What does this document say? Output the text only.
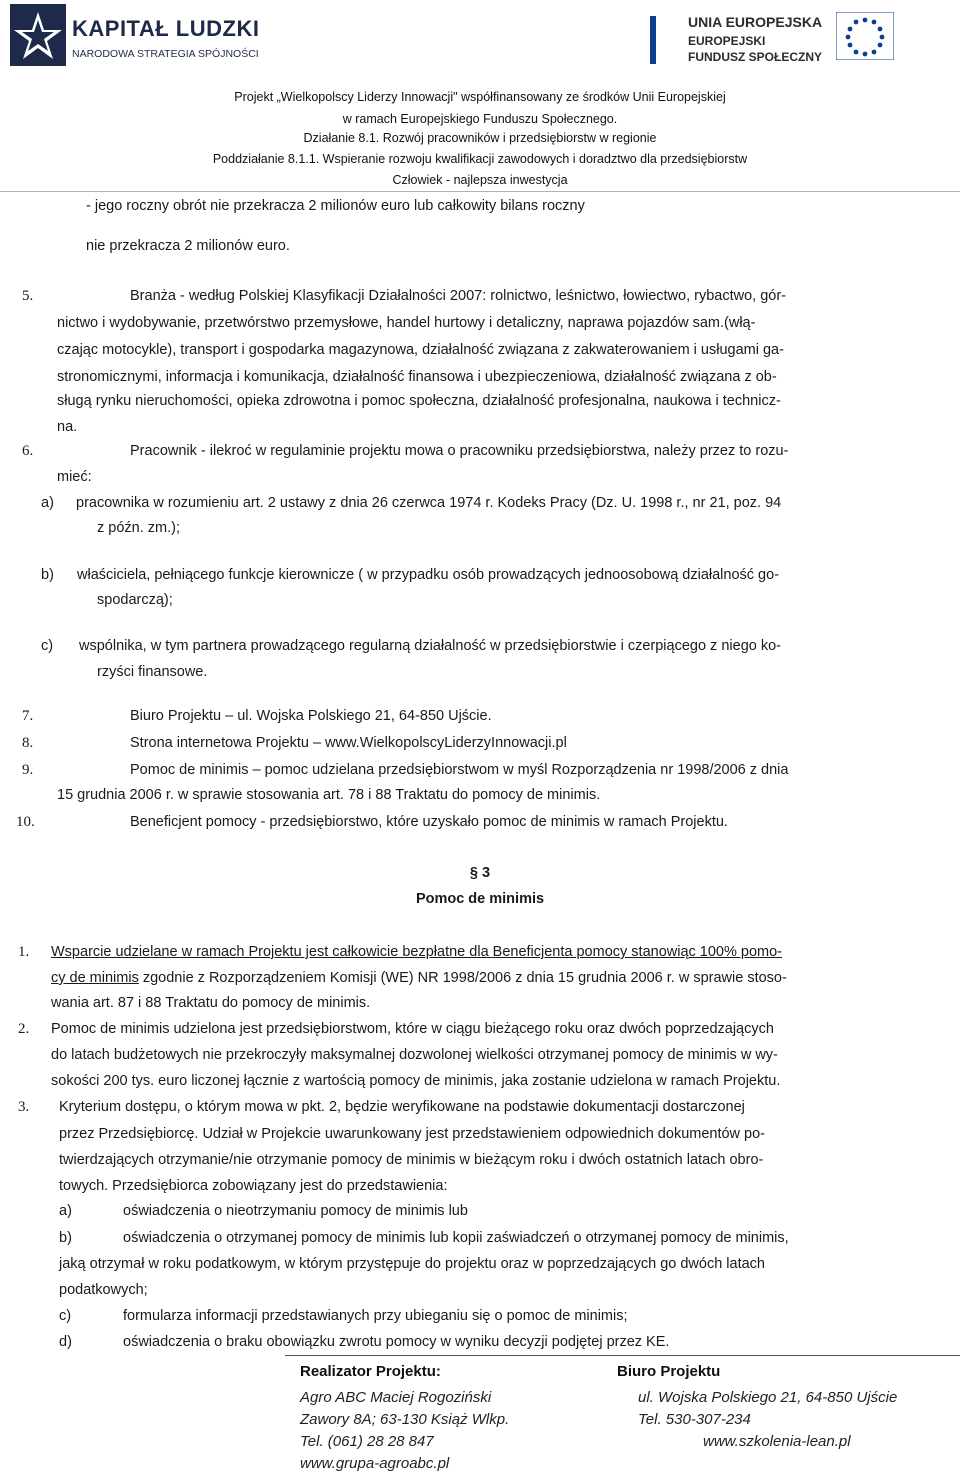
KAPITAŁ LUDZKI
NARODOWA STRATEGIA SPÓJNOŚCI
UNIA EUROPEJSKA
EUROPEJSKI
FUNDUSZ SPOŁECZNY
Projekt „Wielkopolscy Liderzy Innowacji" współfinansowany ze środków Unii Europejskiej
w ramach Europejskiego Funduszu Społecznego.
Działanie 8.1. Rozwój pracowników i przedsiębiorstw w regionie
Poddziałanie 8.1.1. Wspieranie rozwoju kwalifikacji zawodowych i doradztwo dla przedsiębiorstw
Człowiek - najlepsza inwestycja
- jego roczny obrót nie przekracza 2 milionów euro lub całkowity bilans roczny
nie przekracza 2 milionów euro.
5.	Branża - według Polskiej Klasyfikacji Działalności 2007: rolnictwo, leśnictwo, łowiectwo, rybactwo, gór-
nictwo i wydobywanie, przetwórstwo przemysłowe, handel hurtowy i detaliczny, naprawa pojazdów sam.(włą-
czając motocykle), transport i gospodarka magazynowa, działalność związana z zakwaterowaniem i usługami ga-
stronomicznymi, informacja i komunikacja, działalność finansowa i ubezpieczeniowa, działalność związana z ob-
sługą rynku nieruchomości, opieka zdrowotna i pomoc społeczna, działalność profesjonalna, naukowa i technicz-
na.
6.	Pracownik - ilekroć w regulaminie projektu mowa o pracowniku przedsiębiorstwa, należy przez to rozu-
mieć:
a) pracownika w rozumieniu art. 2 ustawy z dnia 26 czerwca 1974 r. Kodeks Pracy (Dz. U. 1998 r., nr 21, poz. 94
z późn. zm.);
b) właściciela, pełniącego funkcje kierownicze ( w przypadku osób prowadzących jednoosobową działalność go-
spodarczą);
c) wspólnika, w tym partnera prowadzącego regularną działalność w przedsiębiorstwie i czerpiącego z niego ko-
rzyści finansowe.
7.	Biuro Projektu – ul. Wojska Polskiego 21, 64-850 Ujście.
8.	Strona internetowa Projektu – www.WielkopolscyLiderzyInnowacji.pl
9.	Pomoc de minimis – pomoc udzielana przedsiębiorstwom w myśl Rozporządzenia nr 1998/2006 z dnia
15 grudnia 2006 r. w sprawie stosowania art. 78 i 88 Traktatu do pomocy de minimis.
10.	Beneficjent pomocy - przedsiębiorstwo, które uzyskało pomoc de minimis w ramach Projektu.
§ 3
Pomoc de minimis
1. Wsparcie udzielane w ramach Projektu jest całkowicie bezpłatne dla Beneficjenta pomocy stanowiąc 100% pomo-
cy de minimis zgodnie z Rozporządzeniem Komisji (WE) NR 1998/2006 z dnia 15 grudnia 2006 r. w sprawie stoso-
wania art. 87 i 88 Traktatu do pomocy de minimis.
2. Pomoc de minimis udzielona jest przedsiębiorstwom, które w ciągu bieżącego roku oraz dwóch poprzedzających
do latach budżetowych nie przekroczyły maksymalnej dozwolonej wielkości otrzymanej pomocy de minimis w wy-
sokości 200 tys. euro liczonej łącznie z wartością pomocy de minimis, jaka zostanie udzielona w ramach Projektu.
3. Kryterium dostępu, o którym mowa w pkt. 2, będzie weryfikowane na podstawie dokumentacji dostarczonej
przez Przedsiębiorcę. Udział w Projekcie uwarunkowany jest przedstawieniem odpowiednich dokumentów po-
twierdzających otrzymanie/nie otrzymanie pomocy de minimis w bieżącym roku i dwóch ostatnich latach obro-
towych. Przedsiębiorca zobowiązany jest do przedstawienia:
a)	oświadczenia o nieotrzymaniu pomocy de minimis lub
b)	oświadczenia o otrzymanej pomocy de minimis lub kopii zaświadczeń o otrzymanej pomocy de minimis,
jaką otrzymał w roku podatkowym, w którym przystępuje do projektu oraz w poprzedzających go dwóch latach
podatkowych;
c)	formularza informacji przedstawianych przy ubieganiu się o pomoc de minimis;
d)	oświadczenia o braku obowiązku zwrotu pomocy w wyniku decyzji podjętej przez KE.
Realizator Projektu:
Agro ABC Maciej Rogoziński
Zawory 8A; 63-130 Książ Wlkp.
Tel. (061) 28 28 847
www.grupa-agroabc.pl
Biuro Projektu
ul. Wojska Polskiego 21, 64-850 Ujście
Tel. 530-307-234
www.szkolenia-lean.pl
